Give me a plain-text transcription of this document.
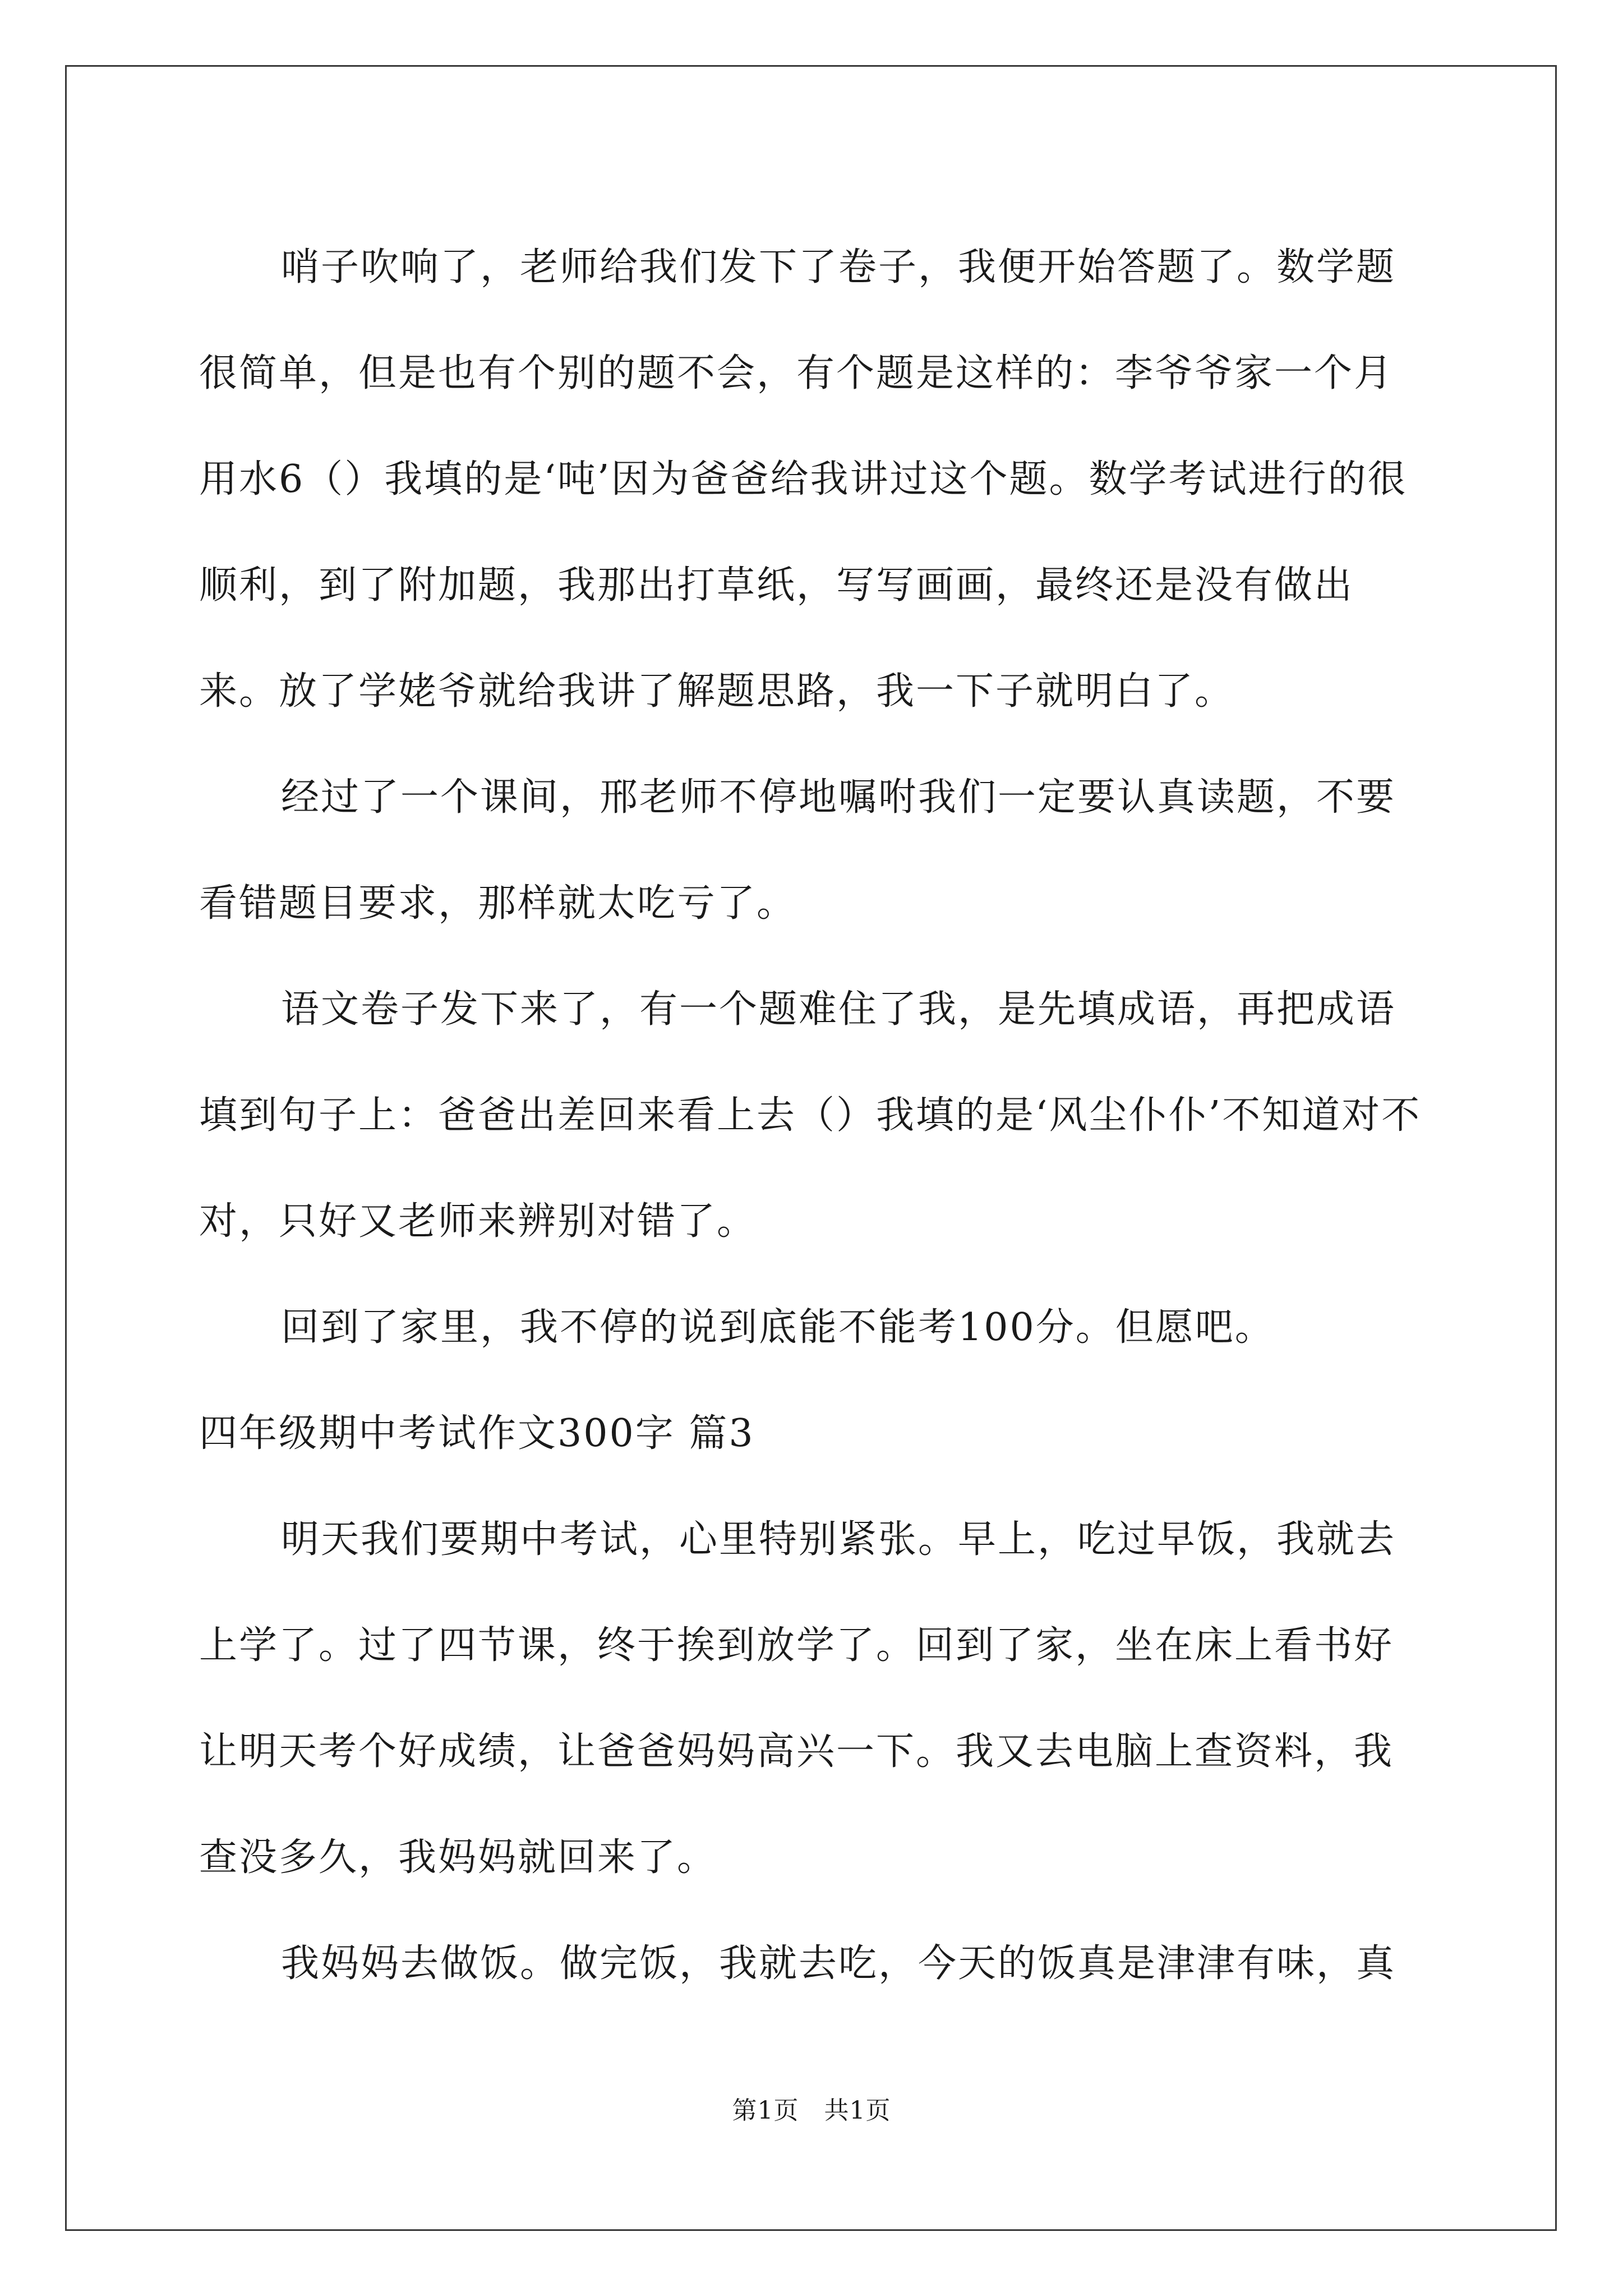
哨子吹响了，老师给我们发下了卷子，我便开始答题了。数学题很简单，但是也有个别的题不会，有个题是这样的：李爷爷家一个月用水6（）我填的是‘吨’因为爸爸给我讲过这个题。数学考试进行的很顺利，到了附加题，我那出打草纸，写写画画，最终还是没有做出来。放了学姥爷就给我讲了解题思路，我一下子就明白了。

经过了一个课间，邢老师不停地嘱咐我们一定要认真读题，不要看错题目要求，那样就太吃亏了。

语文卷子发下来了，有一个题难住了我，是先填成语，再把成语填到句子上：爸爸出差回来看上去（）我填的是‘风尘仆仆’不知道对不对，只好又老师来辨别对错了。

回到了家里，我不停的说到底能不能考100分。但愿吧。

四年级期中考试作文300字 篇3

明天我们要期中考试，心里特别紧张。早上，吃过早饭，我就去上学了。过了四节课，终于挨到放学了。回到了家，坐在床上看书好让明天考个好成绩，让爸爸妈妈高兴一下。我又去电脑上查资料，我查没多久，我妈妈就回来了。

我妈妈去做饭。做完饭，我就去吃，今天的饭真是津津有味，真

第1页　共1页
